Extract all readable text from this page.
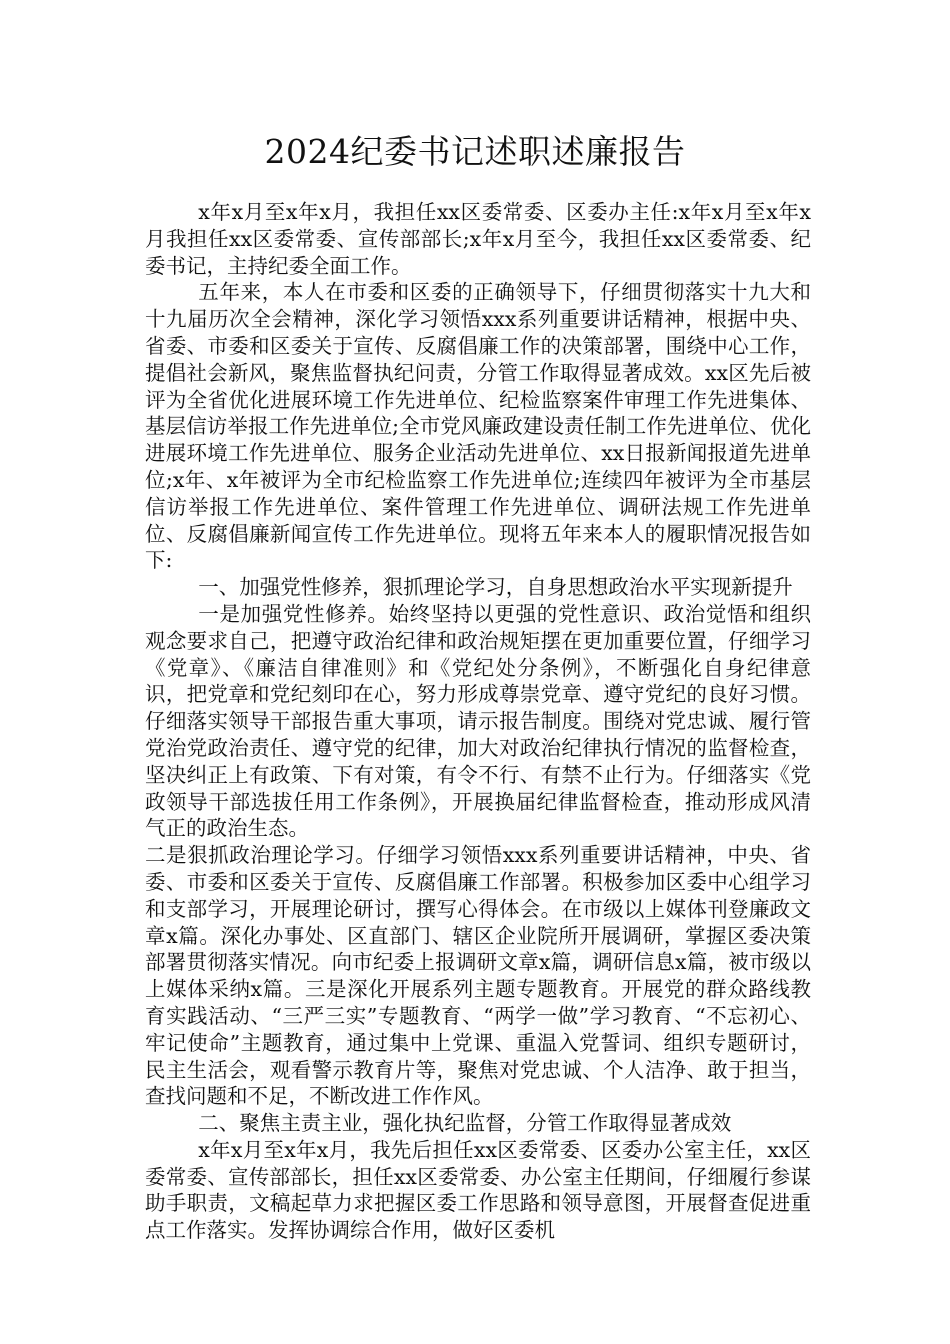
2024纪委书记述职述廉报告

x年x月至x年x月，我担任xx区委常委、区委办主任:x年x月至x年x月我担任xx区委常委、宣传部部长;x年x月至今，我担任xx区委常委、纪委书记，主持纪委全面工作。

五年来，本人在市委和区委的正确领导下，仔细贯彻落实十九大和十九届历次全会精神，深化学习领悟xxx系列重要讲话精神，根据中央、省委、市委和区委关于宣传、反腐倡廉工作的决策部署，围绕中心工作，提倡社会新风，聚焦监督执纪问责，分管工作取得显著成效。xx区先后被评为全省优化进展环境工作先进单位、纪检监察案件审理工作先进集体、基层信访举报工作先进单位;全市党风廉政建设责任制工作先进单位、优化进展环境工作先进单位、服务企业活动先进单位、xx日报新闻报道先进单位;x年、x年被评为全市纪检监察工作先进单位;连续四年被评为全市基层信访举报工作先进单位、案件管理工作先进单位、调研法规工作先进单位、反腐倡廉新闻宣传工作先进单位。现将五年来本人的履职情况报告如下:

一、加强党性修养，狠抓理论学习，自身思想政治水平实现新提升

一是加强党性修养。始终坚持以更强的党性意识、政治觉悟和组织观念要求自己，把遵守政治纪律和政治规矩摆在更加重要位置，仔细学习《党章》、《廉洁自律准则》和《党纪处分条例》，不断强化自身纪律意识，把党章和党纪刻印在心，努力形成尊崇党章、遵守党纪的良好习惯。仔细落实领导干部报告重大事项，请示报告制度。围绕对党忠诚、履行管党治党政治责任、遵守党的纪律，加大对政治纪律执行情况的监督检查，坚决纠正上有政策、下有对策，有令不行、有禁不止行为。仔细落实《党政领导干部选拔任用工作条例》，开展换届纪律监督检查，推动形成风清气正的政治生态。

二是狠抓政治理论学习。仔细学习领悟xxx系列重要讲话精神，中央、省委、市委和区委关于宣传、反腐倡廉工作部署。积极参加区委中心组学习和支部学习，开展理论研讨，撰写心得体会。在市级以上媒体刊登廉政文章x篇。深化办事处、区直部门、辖区企业院所开展调研，掌握区委决策部署贯彻落实情况。向市纪委上报调研文章x篇，调研信息x篇，被市级以上媒体采纳x篇。三是深化开展系列主题专题教育。开展党的群众路线教育实践活动、“三严三实”专题教育、“两学一做”学习教育、“不忘初心、牢记使命”主题教育，通过集中上党课、重温入党誓词、组织专题研讨，民主生活会，观看警示教育片等，聚焦对党忠诚、个人洁净、敢于担当，查找问题和不足，不断改进工作作风。

二、聚焦主责主业，强化执纪监督，分管工作取得显著成效

x年x月至x年x月，我先后担任xx区委常委、区委办公室主任，xx区委常委、宣传部部长，担任xx区委常委、办公室主任期间，仔细履行参谋助手职责，文稿起草力求把握区委工作思路和领导意图，开展督查促进重点工作落实。发挥协调综合作用，做好区委机
